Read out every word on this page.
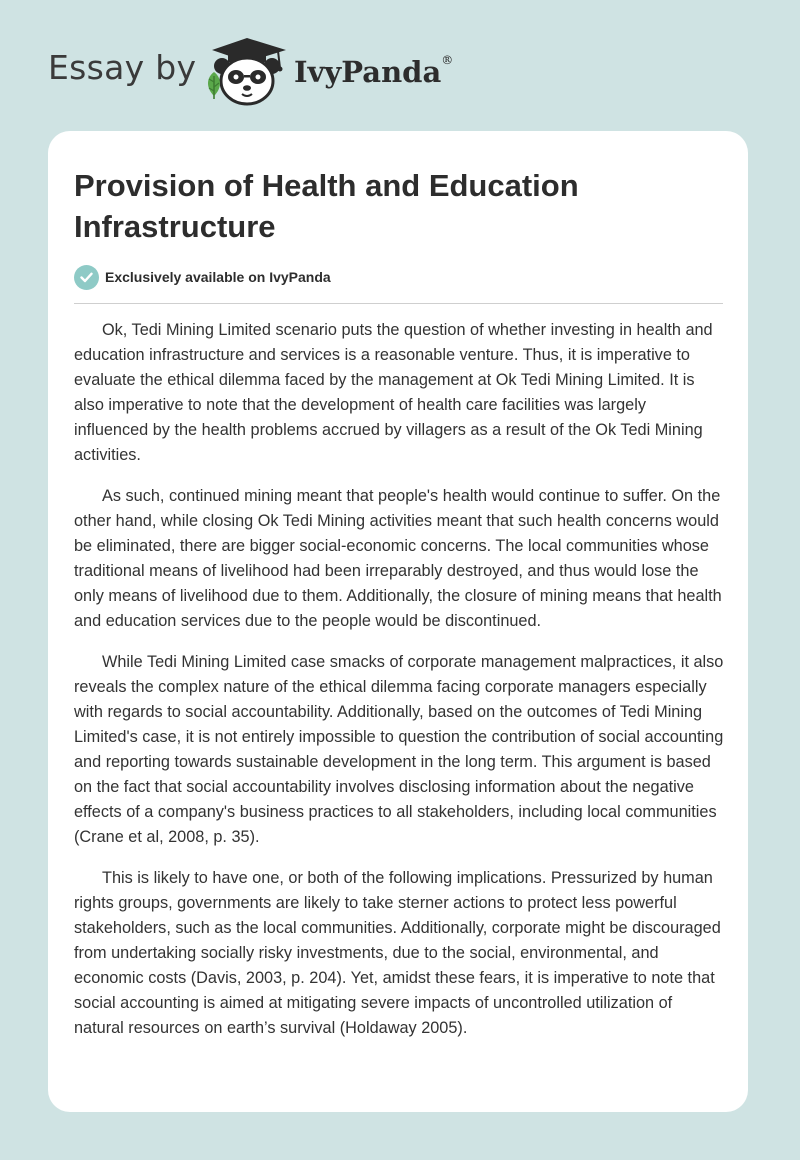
Essay by	IvyPanda®
Provision of Health and Education Infrastructure
Exclusively available on IvyPanda

Ok, Tedi Mining Limited scenario puts the question of whether investing in health and education infrastructure and services is a reasonable venture. Thus, it is imperative to evaluate the ethical dilemma faced by the management at Ok Tedi Mining Limited. It is also imperative to note that the development of health care facilities was largely influenced by the health problems accrued by villagers as a result of the Ok Tedi Mining activities.

As such, continued mining meant that people's health would continue to suffer. On the other hand, while closing Ok Tedi Mining activities meant that such health concerns would be eliminated, there are bigger social-economic concerns. The local communities whose traditional means of livelihood had been irreparably destroyed, and thus would lose the only means of livelihood due to them. Additionally, the closure of mining means that health and education services due to the people would be discontinued.

While Tedi Mining Limited case smacks of corporate management malpractices, it also reveals the complex nature of the ethical dilemma facing corporate managers especially with regards to social accountability. Additionally, based on the outcomes of Tedi Mining Limited's case, it is not entirely impossible to question the contribution of social accounting and reporting towards sustainable development in the long term. This argument is based on the fact that social accountability involves disclosing information about the negative effects of a company's business practices to all stakeholders, including local communities (Crane et al, 2008, p. 35).

This is likely to have one, or both of the following implications. Pressurized by human rights groups, governments are likely to take sterner actions to protect less powerful stakeholders, such as the local communities. Additionally, corporate might be discouraged from undertaking socially risky investments, due to the social, environmental, and economic costs (Davis, 2003, p. 204). Yet, amidst these fears, it is imperative to note that social accounting is aimed at mitigating severe impacts of uncontrolled utilization of natural resources on earth’s survival (Holdaway 2005).
